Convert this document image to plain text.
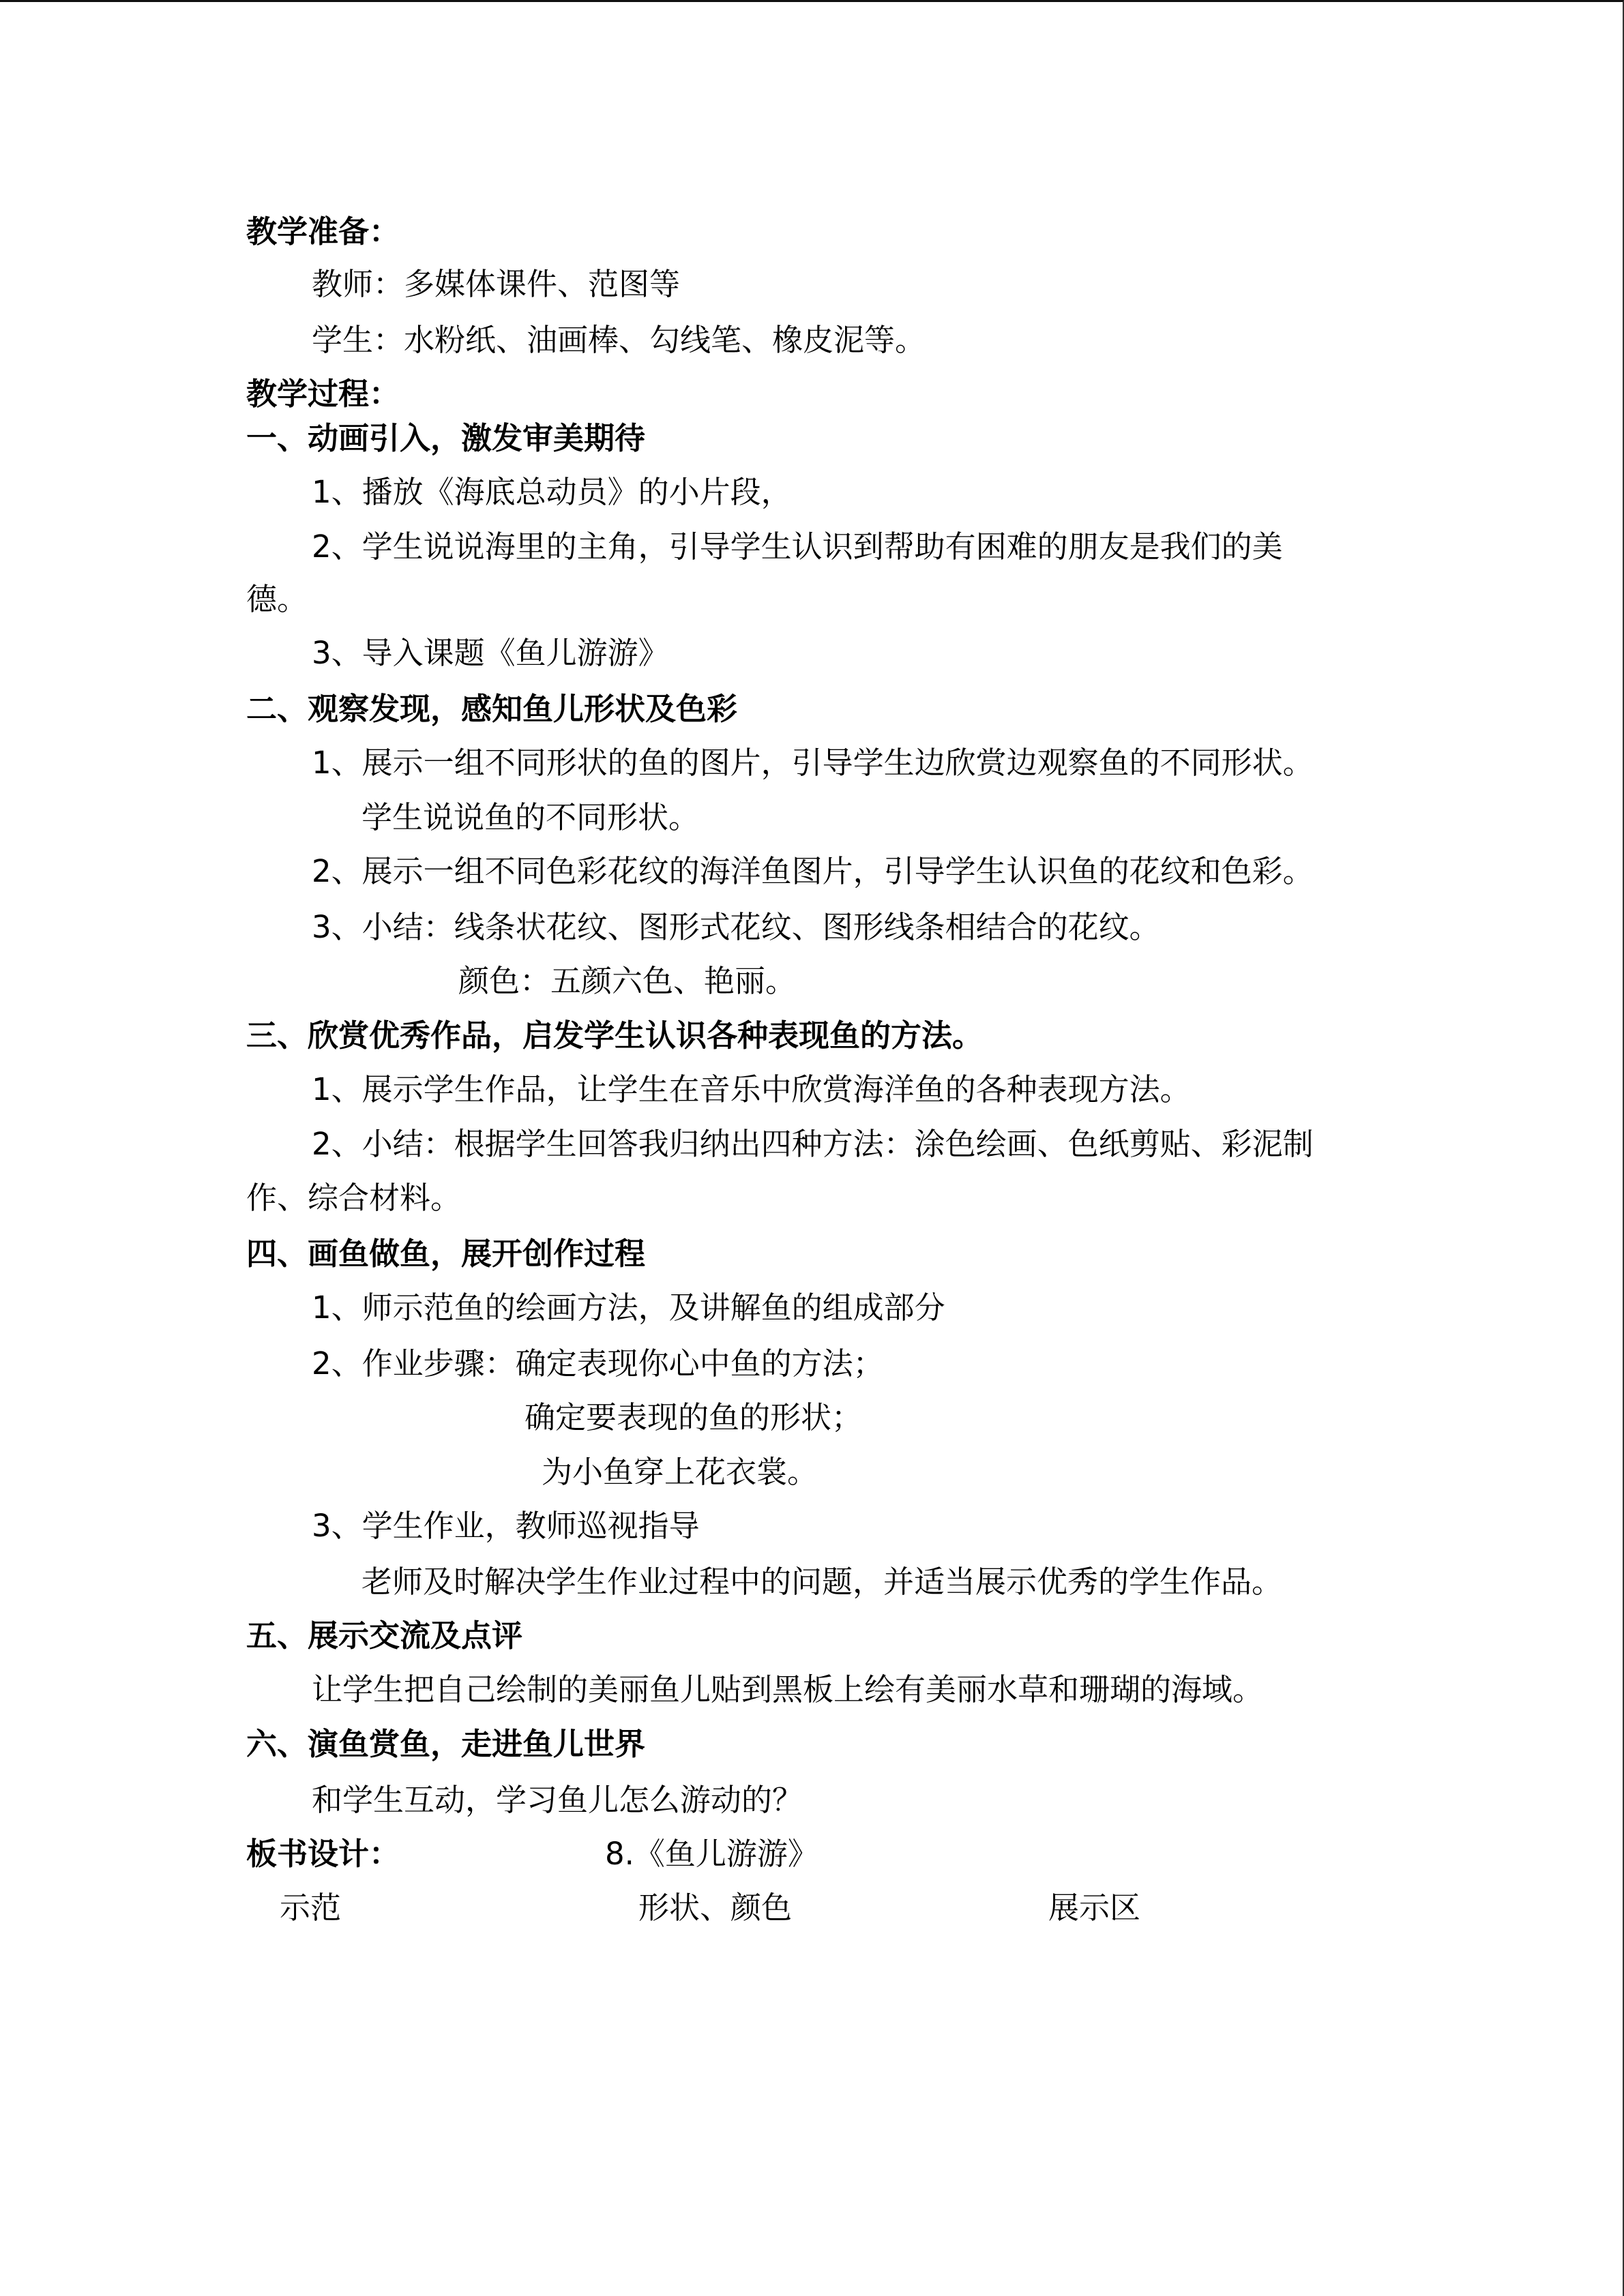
教学准备：
教师：多媒体课件、范图等
学生：水粉纸、油画棒、勾线笔、橡皮泥等。
教学过程：
一、动画引入，激发审美期待
1、播放《海底总动员》的小片段，
2、学生说说海里的主角，引导学生认识到帮助有困难的朋友是我们的美
德。
3、导入课题《鱼儿游游》
二、观察发现，感知鱼儿形状及色彩
1、展示一组不同形状的鱼的图片，引导学生边欣赏边观察鱼的不同形状。
学生说说鱼的不同形状。
2、展示一组不同色彩花纹的海洋鱼图片，引导学生认识鱼的花纹和色彩。
3、小结：线条状花纹、图形式花纹、图形线条相结合的花纹。
颜色：五颜六色、艳丽。
三、欣赏优秀作品，启发学生认识各种表现鱼的方法。
1、展示学生作品，让学生在音乐中欣赏海洋鱼的各种表现方法。
2、小结：根据学生回答我归纳出四种方法：涂色绘画、色纸剪贴、彩泥制
作、综合材料。
四、画鱼做鱼，展开创作过程
1、师示范鱼的绘画方法，及讲解鱼的组成部分
2、作业步骤：确定表现你心中鱼的方法；
确定要表现的鱼的形状；
为小鱼穿上花衣裳。
3、学生作业，教师巡视指导
老师及时解决学生作业过程中的问题，并适当展示优秀的学生作品。
五、展示交流及点评
让学生把自己绘制的美丽鱼儿贴到黑板上绘有美丽水草和珊瑚的海域。
六、演鱼赏鱼，走进鱼儿世界
和学生互动，学习鱼儿怎么游动的？
板书设计：	8.《鱼儿游游》
示范	形状、颜色	展示区
